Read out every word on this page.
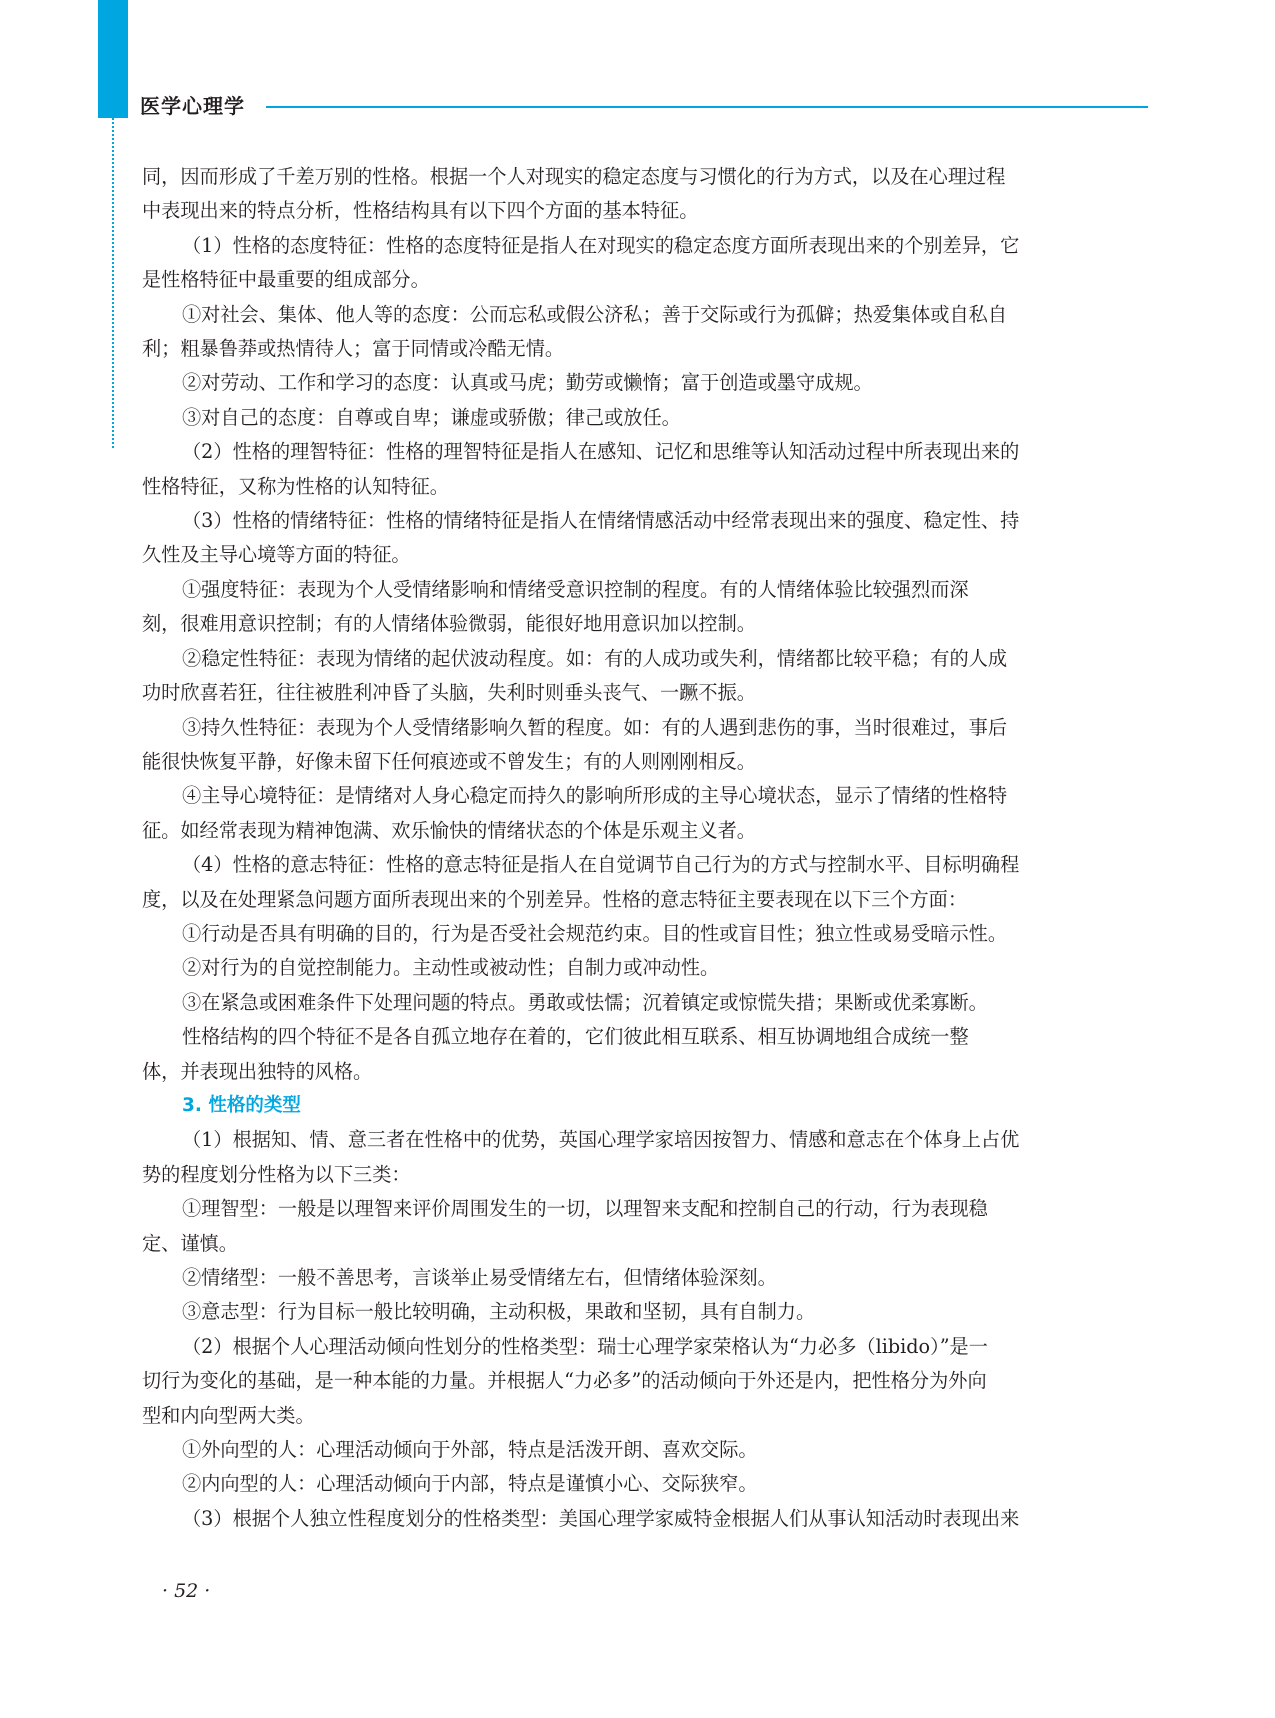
医学心理学

同，因而形成了千差万别的性格。根据一个人对现实的稳定态度与习惯化的行为方式，以及在心理过程

中表现出来的特点分析，性格结构具有以下四个方面的基本特征。

（1）性格的态度特征：性格的态度特征是指人在对现实的稳定态度方面所表现出来的个别差异，它

是性格特征中最重要的组成部分。

①对社会、集体、他人等的态度：公而忘私或假公济私；善于交际或行为孤僻；热爱集体或自私自

利；粗暴鲁莽或热情待人；富于同情或冷酷无情。

②对劳动、工作和学习的态度：认真或马虎；勤劳或懒惰；富于创造或墨守成规。

③对自己的态度：自尊或自卑；谦虚或骄傲；律己或放任。

（2）性格的理智特征：性格的理智特征是指人在感知、记忆和思维等认知活动过程中所表现出来的

性格特征，又称为性格的认知特征。

（3）性格的情绪特征：性格的情绪特征是指人在情绪情感活动中经常表现出来的强度、稳定性、持

久性及主导心境等方面的特征。

①强度特征：表现为个人受情绪影响和情绪受意识控制的程度。有的人情绪体验比较强烈而深

刻，很难用意识控制；有的人情绪体验微弱，能很好地用意识加以控制。

②稳定性特征：表现为情绪的起伏波动程度。如：有的人成功或失利，情绪都比较平稳；有的人成

功时欣喜若狂，往往被胜利冲昏了头脑，失利时则垂头丧气、一蹶不振。

③持久性特征：表现为个人受情绪影响久暂的程度。如：有的人遇到悲伤的事，当时很难过，事后

能很快恢复平静，好像未留下任何痕迹或不曾发生；有的人则刚刚相反。

④主导心境特征：是情绪对人身心稳定而持久的影响所形成的主导心境状态，显示了情绪的性格特

征。如经常表现为精神饱满、欢乐愉快的情绪状态的个体是乐观主义者。

（4）性格的意志特征：性格的意志特征是指人在自觉调节自己行为的方式与控制水平、目标明确程

度，以及在处理紧急问题方面所表现出来的个别差异。性格的意志特征主要表现在以下三个方面：

①行动是否具有明确的目的，行为是否受社会规范约束。目的性或盲目性；独立性或易受暗示性。

②对行为的自觉控制能力。主动性或被动性；自制力或冲动性。

③在紧急或困难条件下处理问题的特点。勇敢或怯懦；沉着镇定或惊慌失措；果断或优柔寡断。

性格结构的四个特征不是各自孤立地存在着的，它们彼此相互联系、相互协调地组合成统一整

体，并表现出独特的风格。

3. 性格的类型

（1）根据知、情、意三者在性格中的优势，英国心理学家培因按智力、情感和意志在个体身上占优

势的程度划分性格为以下三类：

①理智型：一般是以理智来评价周围发生的一切，以理智来支配和控制自己的行动，行为表现稳

定、谨慎。

②情绪型：一般不善思考，言谈举止易受情绪左右，但情绪体验深刻。

③意志型：行为目标一般比较明确，主动积极，果敢和坚韧，具有自制力。

（2）根据个人心理活动倾向性划分的性格类型：瑞士心理学家荣格认为“力必多（libido）”是一

切行为变化的基础，是一种本能的力量。并根据人“力必多”的活动倾向于外还是内，把性格分为外向

型和内向型两大类。

①外向型的人：心理活动倾向于外部，特点是活泼开朗、喜欢交际。

②内向型的人：心理活动倾向于内部，特点是谨慎小心、交际狭窄。

（3）根据个人独立性程度划分的性格类型：美国心理学家威特金根据人们从事认知活动时表现出来

· 52 ·
